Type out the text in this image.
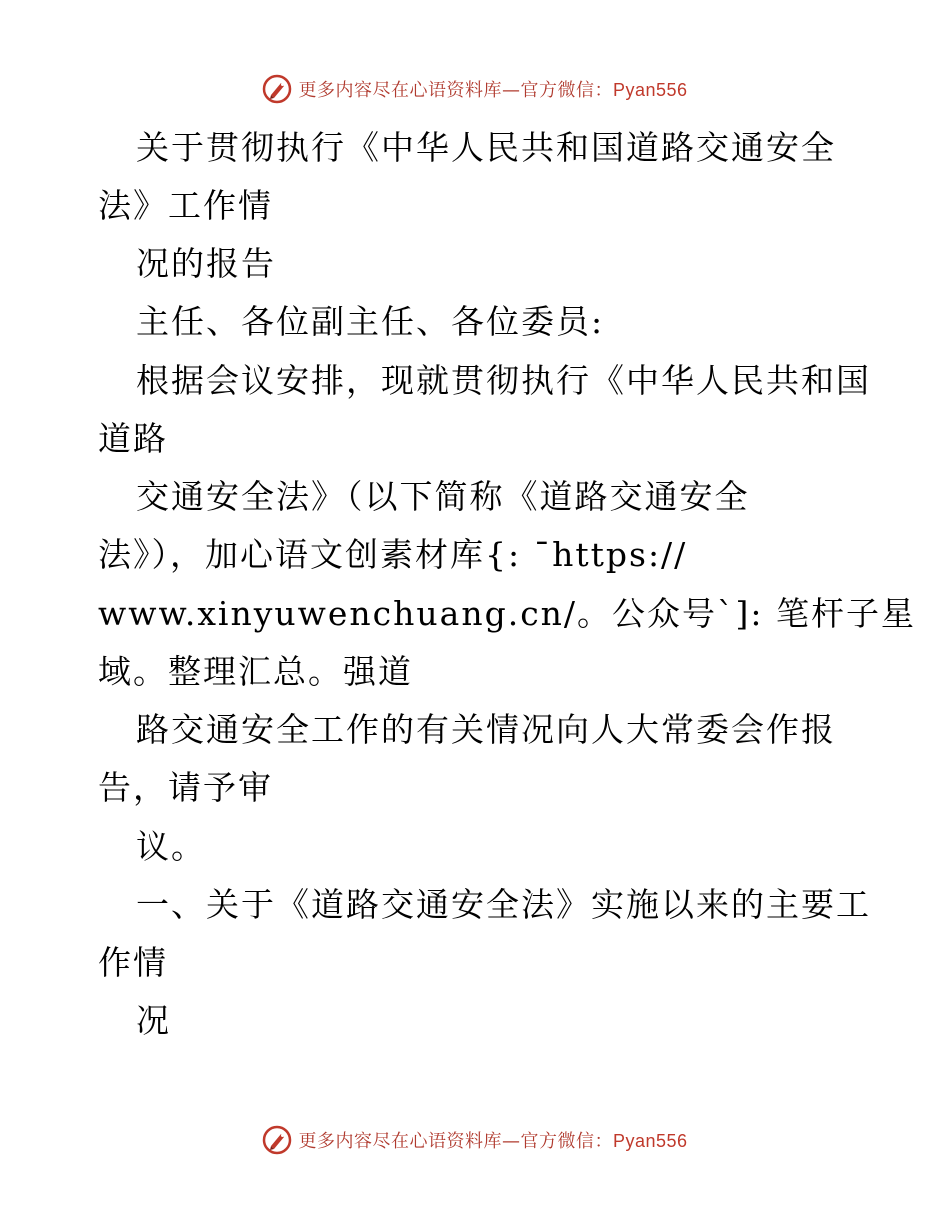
更多内容尽在心语资料库—官方微信：Pyan556
关于贯彻执行《中华人民共和国道路交通安全
法》工作情
况的报告
主任、各位副主任、各位委员:
根据会议安排，现就贯彻执行《中华人民共和国
道路
交通安全法》（以下简称《道路交通安全
法》），加心语文创素材库{: ¯https://
www.xinyuwenchuang.cn/。公众号`]: 笔杆子星
域。整理汇总。强道
路交通安全工作的有关情况向人大常委会作报
告，请予审
议。
一、关于《道路交通安全法》实施以来的主要工
作情
况
更多内容尽在心语资料库—官方微信：Pyan556
